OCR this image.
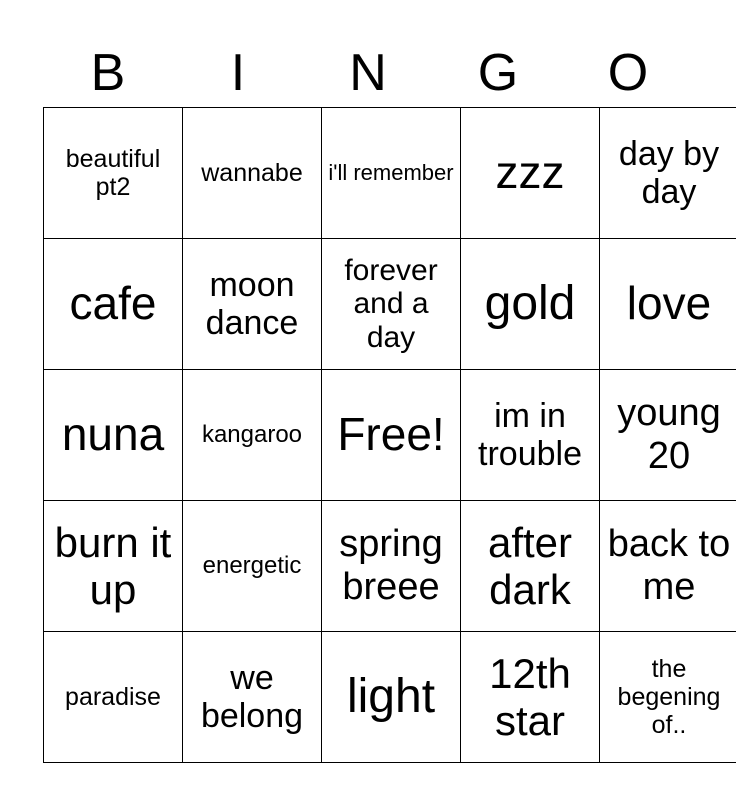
B	I	N	G	O
beautiful pt2	wannabe	i'll remember	zzz	day by day
cafe	moon dance	forever and a day	gold	love
nuna	kangaroo	Free!	im in trouble	young 20
burn it up	energetic	spring breee	after dark	back to me
paradise	we belong	light	12th star	the begening of..
